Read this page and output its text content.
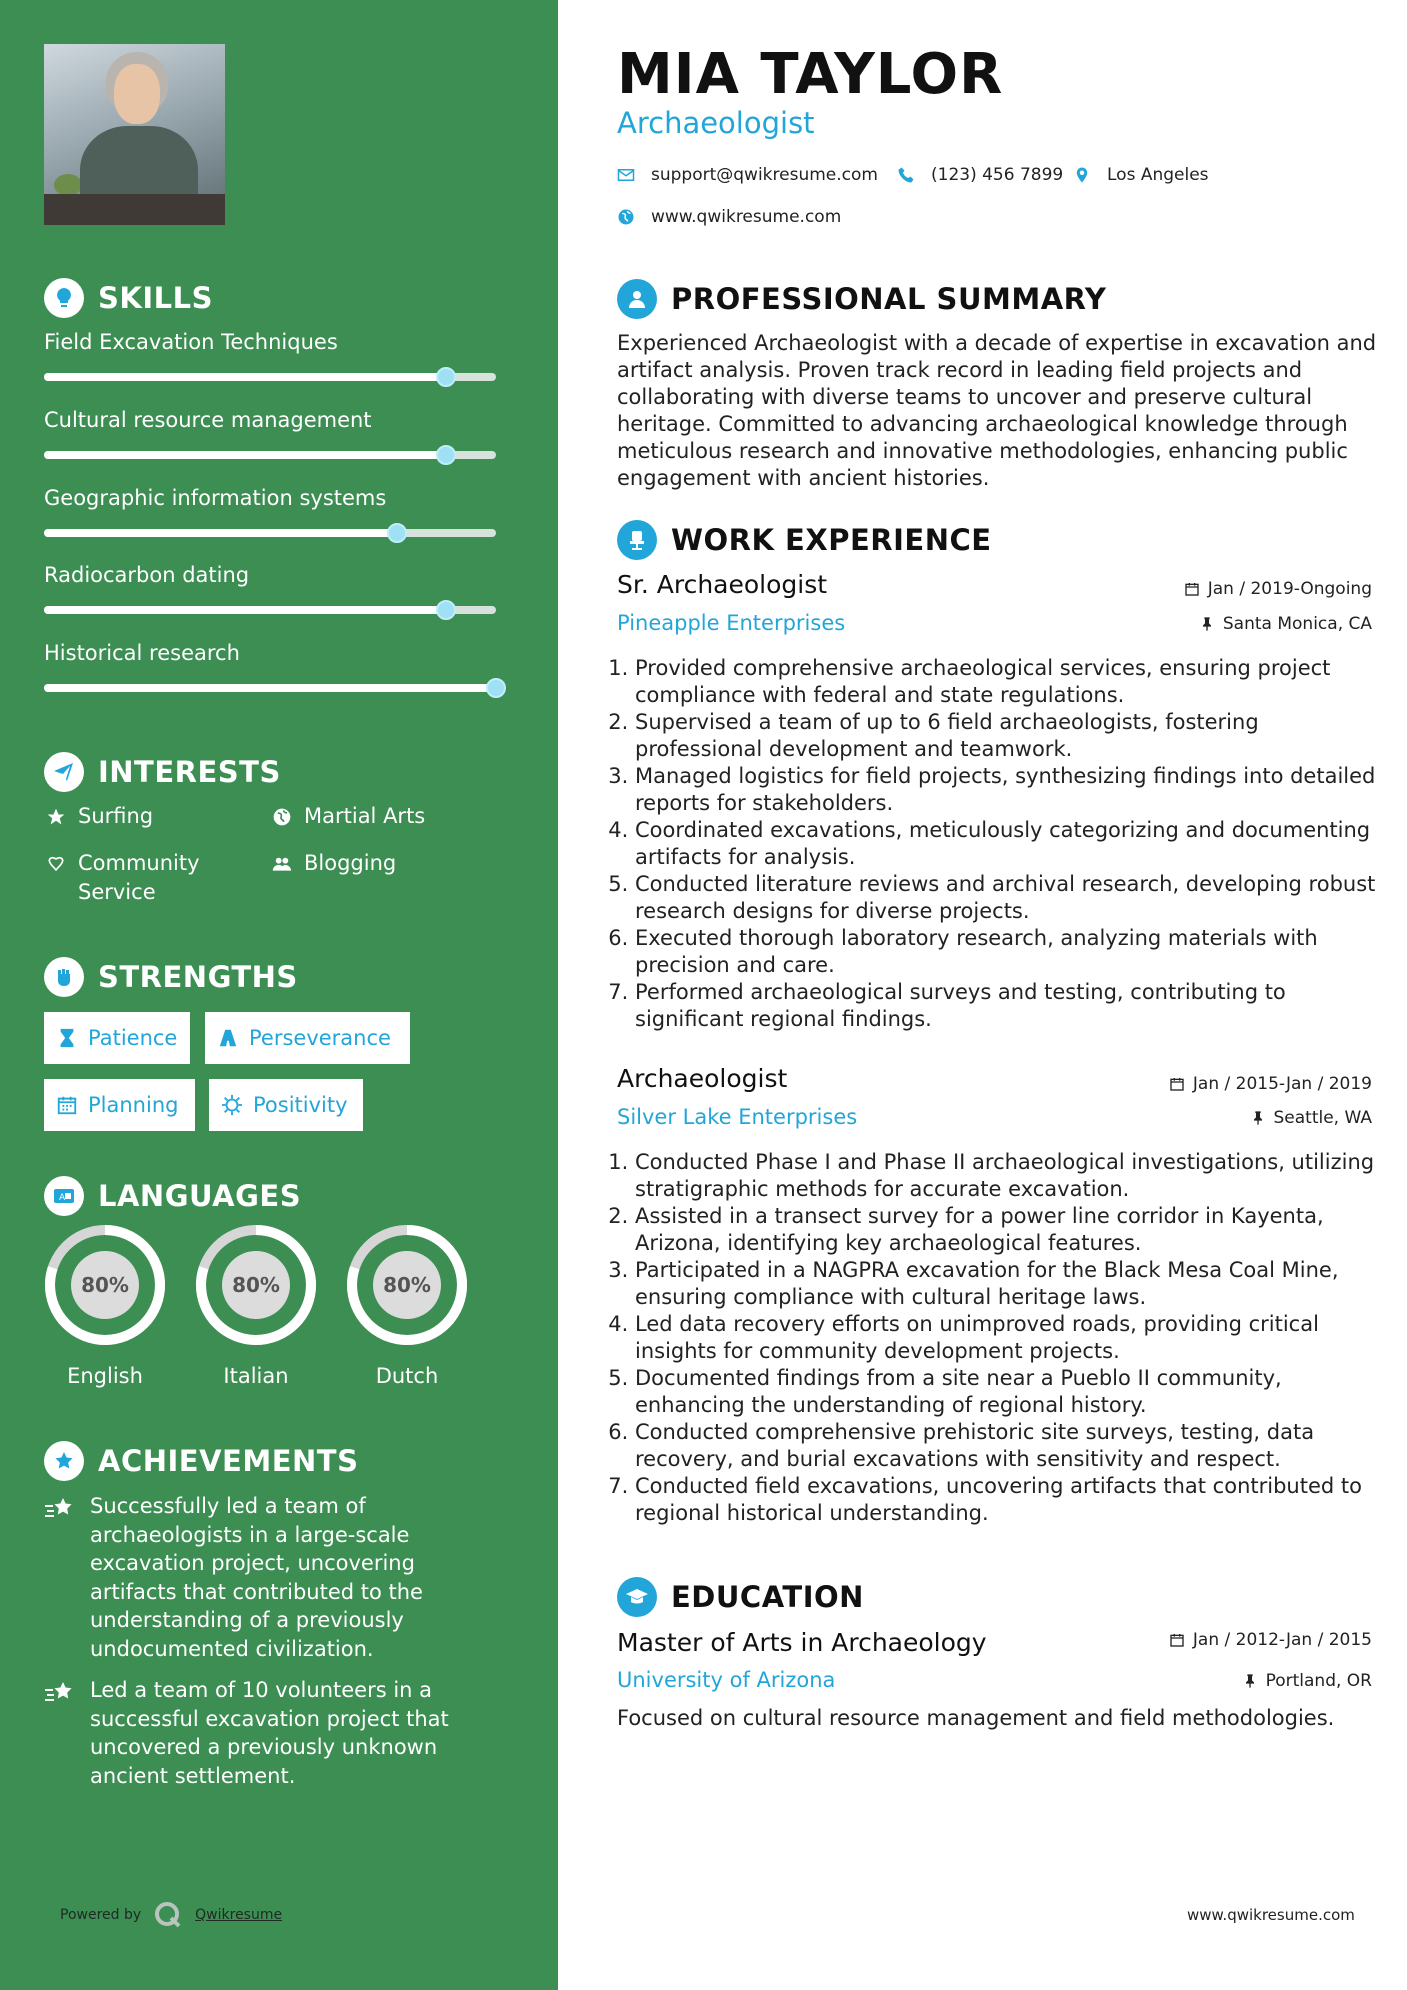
SKILLS
Field Excavation Techniques
Cultural resource management
Geographic information systems
Radiocarbon dating
Historical research
INTERESTS
Surfing	Martial Arts
Community Service
Blogging
STRENGTHS
Patience	Perseverance
Planning	Positivity
A LANGUAGES
80%
English
80%
Italian
80%
Dutch
ACHIEVEMENTS
Successfully led a team of archaeologists in a large-scale excavation project, uncovering artifacts that contributed to the understanding of a previously undocumented civilization.
Led a team of 10 volunteers in a successful excavation project that uncovered a previously unknown ancient settlement.
Powered by	Qwikresume
MIA TAYLOR
Archaeologist
support@qwikresume.com	(123) 456 7899	Los Angeles
www.qwikresume.com
PROFESSIONAL SUMMARY
Experienced Archaeologist with a decade of expertise in excavation and artifact analysis. Proven track record in leading field projects and collaborating with diverse teams to uncover and preserve cultural heritage. Committed to advancing archaeological knowledge through meticulous research and innovative methodologies, enhancing public engagement with ancient histories.
WORK EXPERIENCE
Sr. Archaeologist	Jan / 2019-Ongoing
Pineapple Enterprises	Santa Monica, CA
1. Provided comprehensive archaeological services, ensuring project compliance with federal and state regulations.
2. Supervised a team of up to 6 field archaeologists, fostering professional development and teamwork.
3. Managed logistics for field projects, synthesizing findings into detailed reports for stakeholders.
4. Coordinated excavations, meticulously categorizing and documenting artifacts for analysis.
5. Conducted literature reviews and archival research, developing robust research designs for diverse projects.
6. Executed thorough laboratory research, analyzing materials with precision and care.
7. Performed archaeological surveys and testing, contributing to significant regional findings.
Archaeologist	Jan / 2015-Jan / 2019
Silver Lake Enterprises	Seattle, WA
1. Conducted Phase I and Phase II archaeological investigations, utilizing stratigraphic methods for accurate excavation.
2. Assisted in a transect survey for a power line corridor in Kayenta, Arizona, identifying key archaeological features.
3. Participated in a NAGPRA excavation for the Black Mesa Coal Mine, ensuring compliance with cultural heritage laws.
4. Led data recovery efforts on unimproved roads, providing critical insights for community development projects.
5. Documented findings from a site near a Pueblo II community, enhancing the understanding of regional history.
6. Conducted comprehensive prehistoric site surveys, testing, data recovery, and burial excavations with sensitivity and respect.
7. Conducted field excavations, uncovering artifacts that contributed to regional historical understanding.
EDUCATION
Master of Arts in Archaeology	Jan / 2012-Jan / 2015
University of Arizona	Portland, OR
Focused on cultural resource management and field methodologies.
www.qwikresume.com
